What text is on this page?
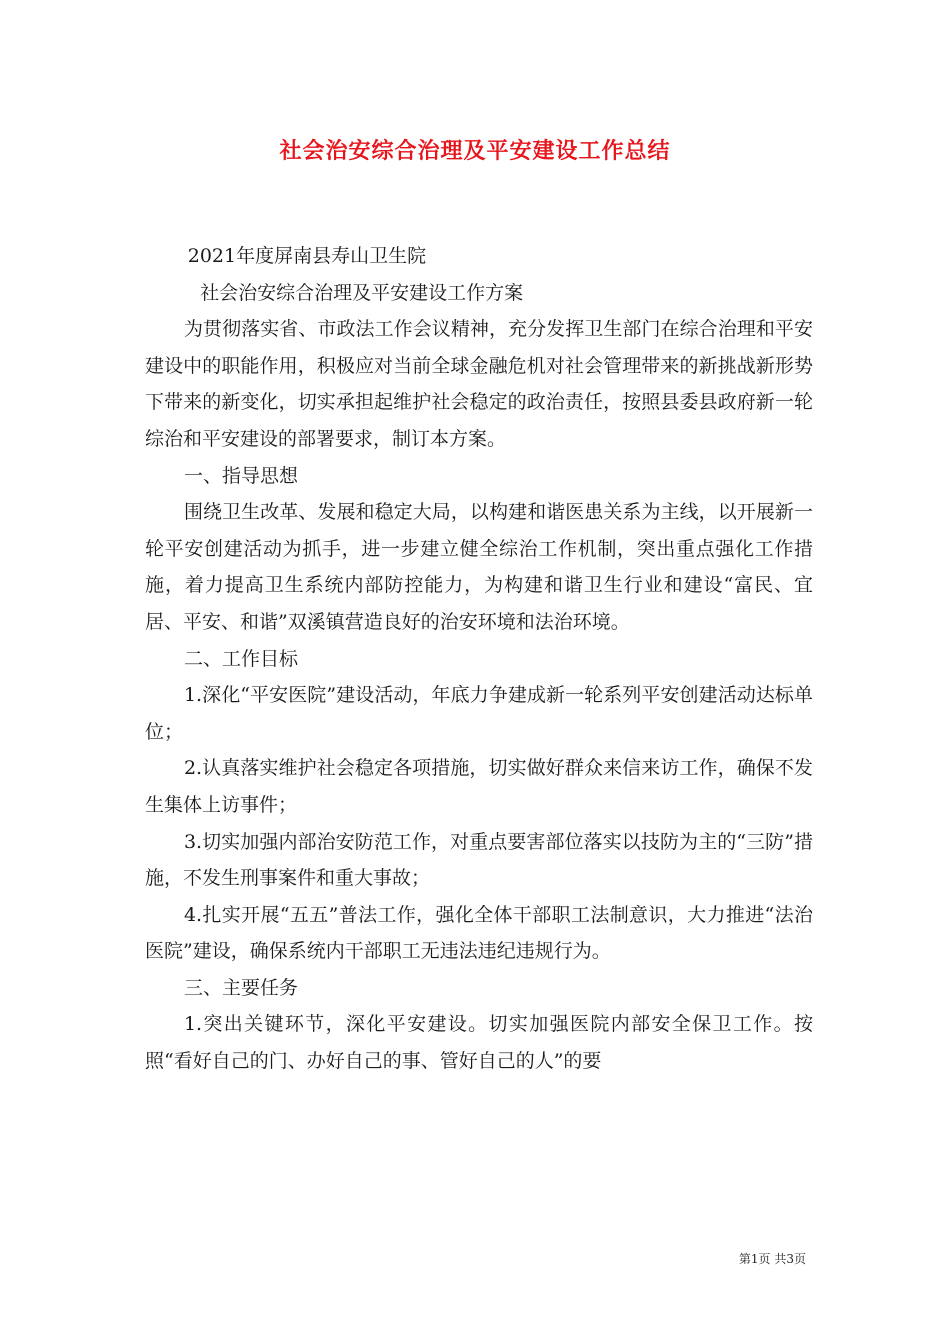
社会治安综合治理及平安建设工作总结

2021年度屏南县寿山卫生院

社会治安综合治理及平安建设工作方案

为贯彻落实省、市政法工作会议精神，充分发挥卫生部门在综合治理和平安建设中的职能作用，积极应对当前全球金融危机对社会管理带来的新挑战新形势下带来的新变化，切实承担起维护社会稳定的政治责任，按照县委县政府新一轮综治和平安建设的部署要求，制订本方案。

一、指导思想

围绕卫生改革、发展和稳定大局，以构建和谐医患关系为主线，以开展新一轮平安创建活动为抓手，进一步建立健全综治工作机制，突出重点强化工作措施，着力提高卫生系统内部防控能力，为构建和谐卫生行业和建设“富民、宜居、平安、和谐”双溪镇营造良好的治安环境和法治环境。

二、工作目标

1.深化“平安医院”建设活动，年底力争建成新一轮系列平安创建活动达标单位；

2.认真落实维护社会稳定各项措施，切实做好群众来信来访工作，确保不发生集体上访事件；

3.切实加强内部治安防范工作，对重点要害部位落实以技防为主的“三防”措施，不发生刑事案件和重大事故；

4.扎实开展“五五”普法工作，强化全体干部职工法制意识，大力推进“法治医院”建设，确保系统内干部职工无违法违纪违规行为。

三、主要任务

1.突出关键环节，深化平安建设。切实加强医院内部安全保卫工作。按照“看好自己的门、办好自己的事、管好自己的人”的要

第1页 共3页
